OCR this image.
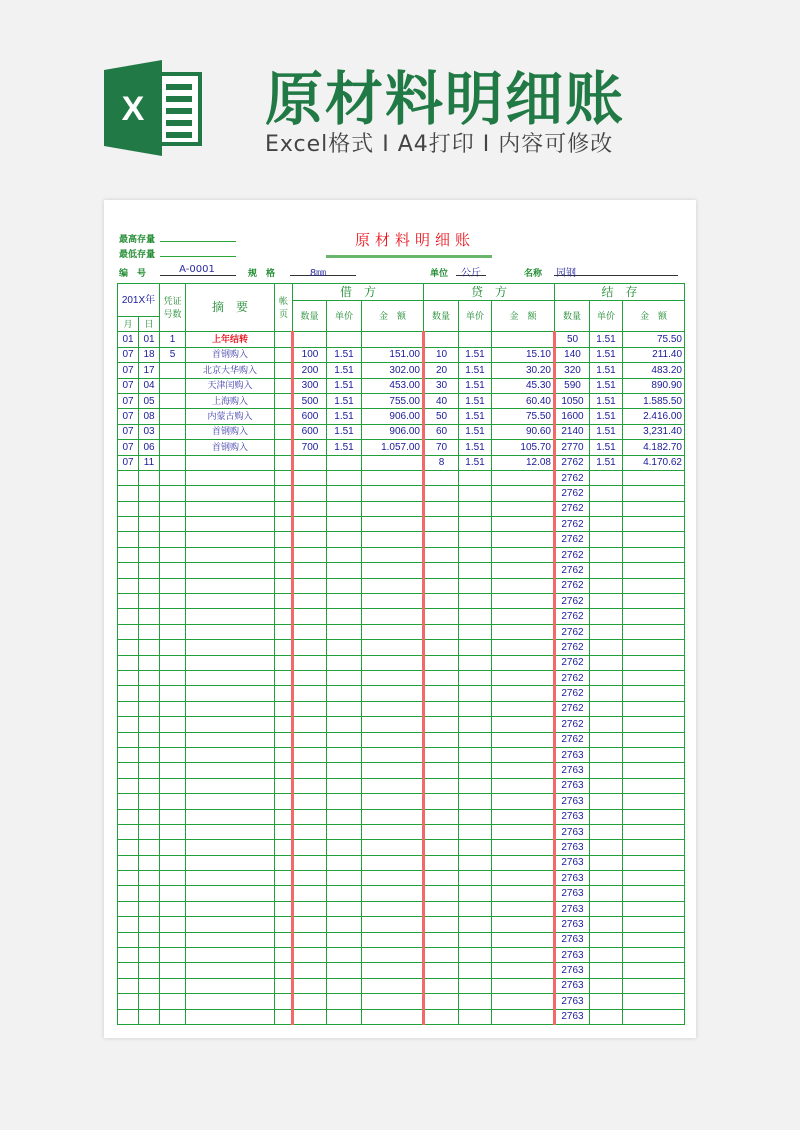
X 原材料明细账
Excel格式 I A4打印 I 内容可修改
最高存量
最低存量
原材料明细账
编　号	A-0001	规　格	8㎜	单位	公斤	名称 园钢
201X年		凭证号数	摘　要	帐页	借　方			贷　方			结　存		
					数量	单价	金　额	数量	单价	金　额	数量	单价	金　额
月	日												
01	01	1	上年结转								50	1.51	75.50
07	18	5	首钢购入		100	1.51	151.00	10	1.51	15.10	140	1.51	211.40
07	17		北京大华购入		200	1.51	302.00	20	1.51	30.20	320	1.51	483.20
07	04		天津闰购入		300	1.51	453.00	30	1.51	45.30	590	1.51	890.90
07	05		上海购入		500	1.51	755.00	40	1.51	60.40	1050	1.51	1.585.50
07	08		内蒙古购入		600	1.51	906.00	50	1.51	75.50	1600	1.51	2.416.00
07	03		首钢购入		600	1.51	906.00	60	1.51	90.60	2140	1.51	3,231.40
07	06		首钢购入		700	1.51	1.057.00	70	1.51	105.70	2770	1.51	4.182.70
07	11							8	1.51	12.08	2762	1.51	4.170.62
											2762		
											2762		
											2762		
											2762		
											2762		
											2762		
											2762		
											2762		
											2762		
											2762		
											2762		
											2762		
											2762		
											2762		
											2762		
											2762		
											2762		
											2762		
											2763		
											2763		
											2763		
											2763		
											2763		
											2763		
											2763		
											2763		
											2763		
											2763		
											2763		
											2763		
											2763		
											2763		
											2763		
											2763		
											2763		
											2763		
